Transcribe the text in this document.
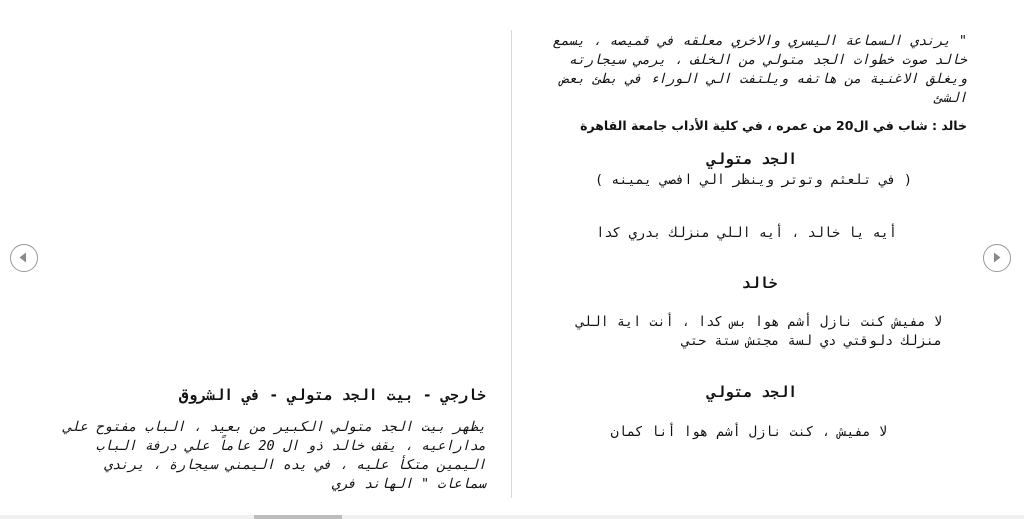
خارجي - بيت الجد متولي - في الشروق
يظهر بيت الجد متولي الكبير من بعيد ، الباب مفتوح علي مداراعيه ، يقف خالد ذو ال 20 عاماً علي درفة الباب اليمين متكأ عليه ، في يده اليمني سيجارة ، يرندي سماعات " الهاند فري
" يرندي السماعة اليسري والاخري معلقه في قميصه ، يسمع خالد صوت خطوات الجد متولي من الخلف ، يرمي سيجارته ويغلق الاغنية من هاتفه ويلتفت الي الوراء في بطئ بعض الشئ
خالد : شاب في ال20 من عمره ، في كلية الأداب جامعة القاهرة
الجد متولي
( في تلعثم وتوتر وينظر الي افصي يمينه )
أيه يا خالد ، أيه اللي منزلك بدري كدا
خالد
لا مفيش كنت نازل أشم هوا بس كدا ، أنت اية اللي منزلك دلوقتي دي لسة مجتش ستة حتي
الجد متولي
لا مفيش ، كنت نازل أشم هوا أنا كمان
